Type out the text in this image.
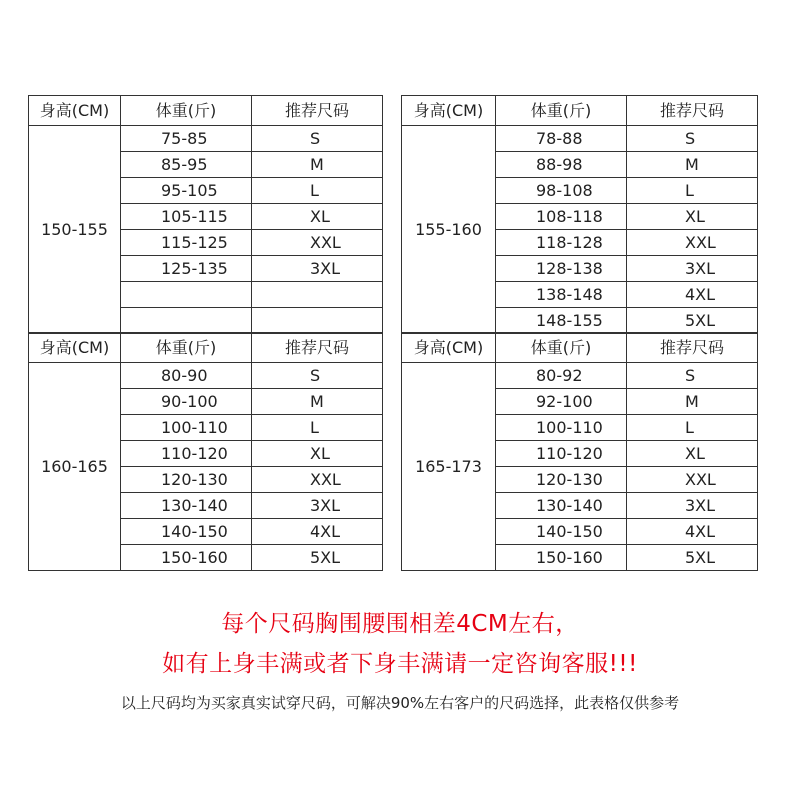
身高(CM)	体重(斤)	推荐尺码
150-155	75-85	S
	85-95	M
	95-105	L
	105-115	XL
	115-125	XXL
	125-135	3XL

身高(CM)	体重(斤)	推荐尺码
155-160	78-88	S
	88-98	M
	98-108	L
	108-118	XL
	118-128	XXL
	128-138	3XL
	138-148	4XL
	148-155	5XL
身高(CM)	体重(斤)	推荐尺码
160-165	80-90	S
	90-100	M
	100-110	L
	110-120	XL
	120-130	XXL
	130-140	3XL
	140-150	4XL
	150-160	5XL
身高(CM)	体重(斤)	推荐尺码
165-173	80-92	S
	92-100	M
	100-110	L
	110-120	XL
	120-130	XXL
	130-140	3XL
	140-150	4XL
	150-160	5XL
每个尺码胸围腰围相差4CM左右，
如有上身丰满或者下身丰满请一定咨询客服!!!
以上尺码均为买家真实试穿尺码，可解决90%左右客户的尺码选择，此表格仅供参考
